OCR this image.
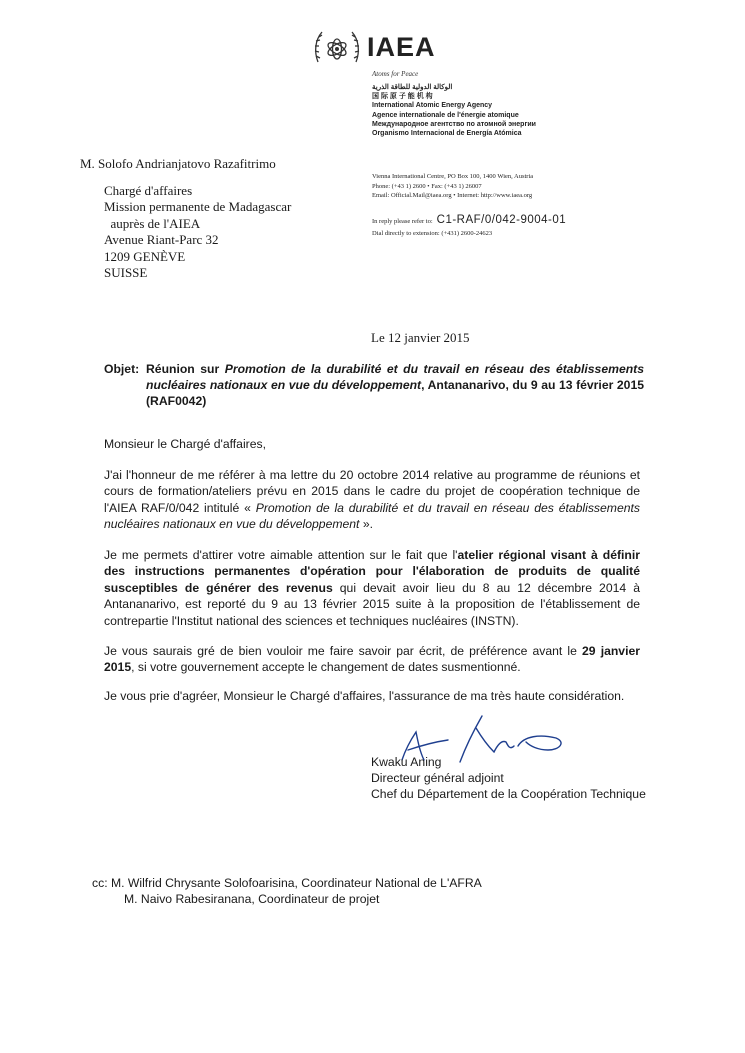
IAEA
Atoms for Peace
الوكالة الدولية للطاقة الذرية
国 际 原 子 能 机 构
International Atomic Energy Agency
Agence internationale de l'énergie atomique
Международное агентство по атомной энергии
Organismo Internacional de Energía Atómica
Vienna International Centre, PO Box 100, 1400 Wien, Austria
Phone: (+43 1) 2600 • Fax: (+43 1) 26007
Email: Official.Mail@iaea.org • Internet: http://www.iaea.org
In reply please refer to: C1-RAF/0/042-9004-01
Dial directly to extension: (+431) 2600-24623
M. Solofo Andrianjatovo Razafitrimo
Chargé d'affaires
Mission permanente de Madagascar
auprès de l'AIEA
Avenue Riant-Parc 32
1209 GENÈVE
SUISSE
Le 12 janvier 2015
Objet: Réunion sur Promotion de la durabilité et du travail en réseau des établissements nucléaires nationaux en vue du développement, Antananarivo, du 9 au 13 février 2015 (RAF0042)
Monsieur le Chargé d'affaires,
J'ai l'honneur de me référer à ma lettre du 20 octobre 2014 relative au programme de réunions et cours de formation/ateliers prévu en 2015 dans le cadre du projet de coopération technique de l'AIEA RAF/0/042 intitulé « Promotion de la durabilité et du travail en réseau des établissements nucléaires nationaux en vue du développement ».
Je me permets d'attirer votre aimable attention sur le fait que l'atelier régional visant à définir des instructions permanentes d'opération pour l'élaboration de produits de qualité susceptibles de générer des revenus qui devait avoir lieu du 8 au 12 décembre 2014 à Antananarivo, est reporté du 9 au 13 février 2015 suite à la proposition de l'établissement de contrepartie l'Institut national des sciences et techniques nucléaires (INSTN).
Je vous saurais gré de bien vouloir me faire savoir par écrit, de préférence avant le 29 janvier 2015, si votre gouvernement accepte le changement de dates susmentionné.
Je vous prie d'agréer, Monsieur le Chargé d'affaires, l'assurance de ma très haute considération.
Kwaku Aning
Directeur général adjoint
Chef du Département de la Coopération Technique
cc: M. Wilfrid Chrysante Solofoarisina, Coordinateur National de L'AFRA
M. Naivo Rabesiranana, Coordinateur de projet
